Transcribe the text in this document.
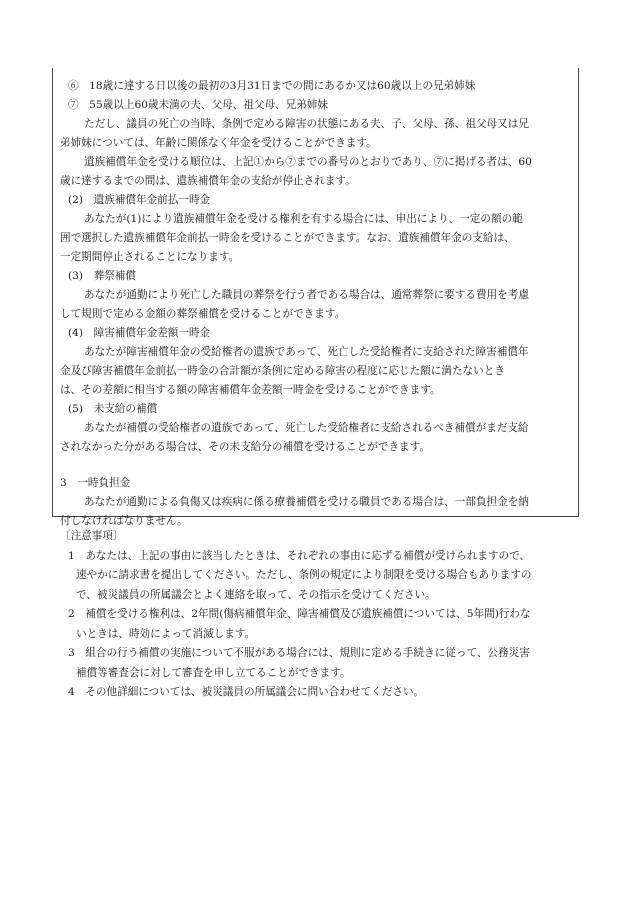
⑥　18歳に達する日以後の最初の3月31日までの間にあるか又は60歳以上の兄弟姉妹
⑦　55歳以上60歳未満の夫、父母、祖父母、兄弟姉妹
ただし、議員の死亡の当時、条例で定める障害の状態にある夫、子、父母、孫、祖父母又は兄
弟姉妹については、年齢に関係なく年金を受けることができます。
遺族補償年金を受ける順位は、上記①から⑦までの番号のとおりであり、⑦に掲げる者は、60
歳に達するまでの間は、遺族補償年金の支給が停止されます。
(2)　遺族補償年金前払一時金
あなたが(1)により遺族補償年金を受ける権利を有する場合には、申出により、一定の額の範
囲で選択した遺族補償年金前払一時金を受けることができます。なお、遺族補償年金の支給は、
一定期間停止されることになります。
(3)　葬祭補償
あなたが通勤により死亡した職員の葬祭を行う者である場合は、通常葬祭に要する費用を考慮
して規則で定める金額の葬祭補償を受けることができます。
(4)　障害補償年金差額一時金
あなたが障害補償年金の受給権者の遺族であって、死亡した受給権者に支給された障害補償年
金及び障害補償年金前払一時金の合計額が条例に定める障害の程度に応じた額に満たないとき
は、その差額に相当する額の障害補償年金差額一時金を受けることができます。
(5)　未支給の補償
あなたが補償の受給権者の遺族であって、死亡した受給権者に支給されるべき補償がまだ支給
されなかった分がある場合は、その未支給分の補償を受けることができます。
3　一時負担金
あなたが通勤による負傷又は疾病に係る療養補償を受ける職員である場合は、一部負担金を納
付しなければなりません。
〔注意事項〕
1　あなたは、上記の事由に該当したときは、それぞれの事由に応ずる補償が受けられますので、
速やかに請求書を提出してください。ただし、条例の規定により制限を受ける場合もありますの
で、被災議員の所属議会とよく連絡を取って、その指示を受けてください。
2　補償を受ける権利は、2年間(傷病補償年金、障害補償及び遺族補償については、5年間)行わな
いときは、時効によって消滅します。
3　組合の行う補償の実施について不服がある場合には、規則に定める手続きに従って、公務災害
補償等審査会に対して審査を申し立てることができます。
4　その他詳細については、被災議員の所属議会に問い合わせてください。
